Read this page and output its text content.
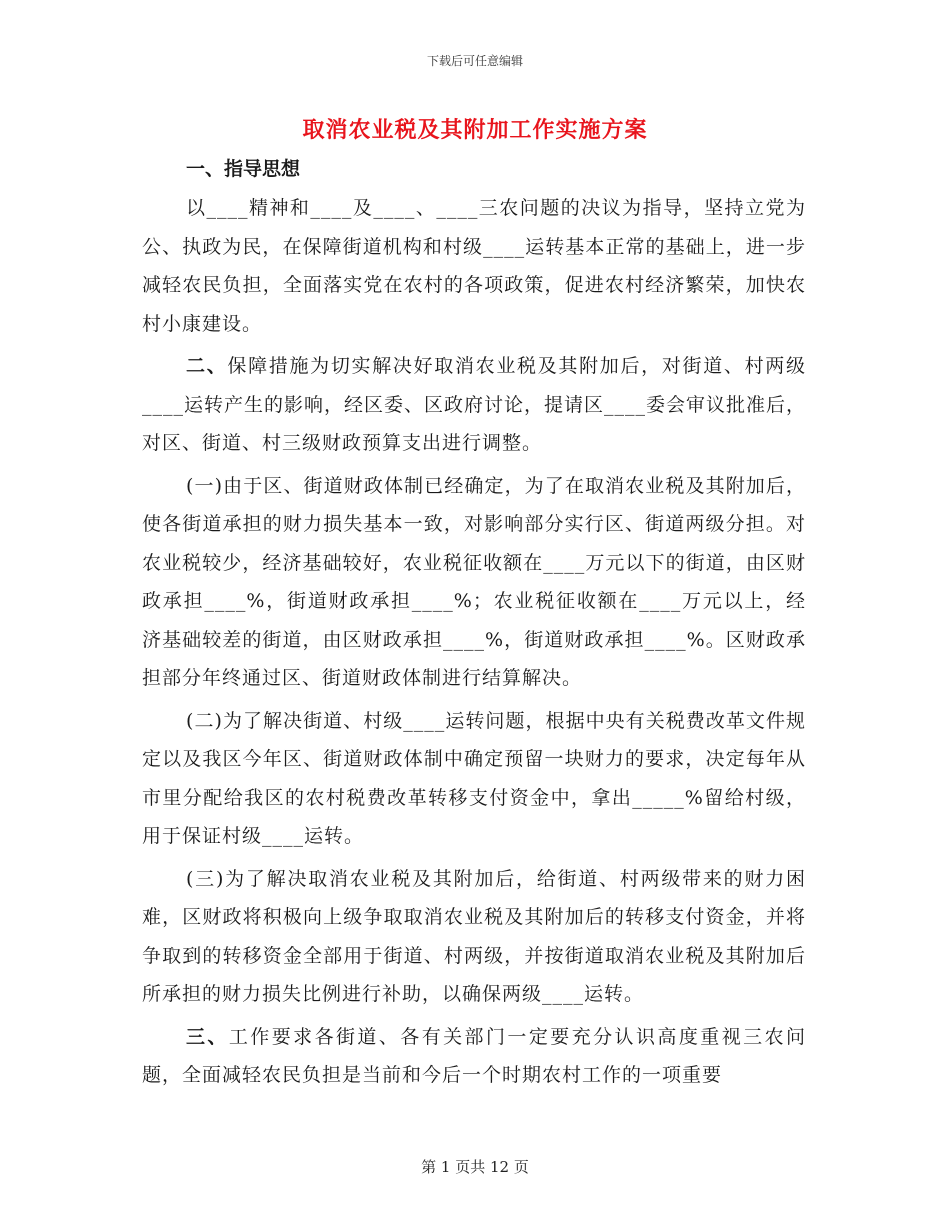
下载后可任意编辑
取消农业税及其附加工作实施方案
一、指导思想
以____精神和____及____、____三农问题的决议为指导，坚持立党为公、执政为民，在保障街道机构和村级____运转基本正常的基础上，进一步减轻农民负担，全面落实党在农村的各项政策，促进农村经济繁荣，加快农村小康建设。
二、保障措施为切实解决好取消农业税及其附加后，对街道、村两级____运转产生的影响，经区委、区政府讨论，提请区____委会审议批准后，对区、街道、村三级财政预算支出进行调整。
(一)由于区、街道财政体制已经确定，为了在取消农业税及其附加后，使各街道承担的财力损失基本一致，对影响部分实行区、街道两级分担。对农业税较少，经济基础较好，农业税征收额在____万元以下的街道，由区财政承担____%，街道财政承担____%；农业税征收额在____万元以上，经济基础较差的街道，由区财政承担____%，街道财政承担____%。区财政承担部分年终通过区、街道财政体制进行结算解决。
(二)为了解决街道、村级____运转问题，根据中央有关税费改革文件规定以及我区今年区、街道财政体制中确定预留一块财力的要求，决定每年从市里分配给我区的农村税费改革转移支付资金中，拿出_____%留给村级，用于保证村级____运转。
(三)为了解决取消农业税及其附加后，给街道、村两级带来的财力困难，区财政将积极向上级争取取消农业税及其附加后的转移支付资金，并将争取到的转移资金全部用于街道、村两级，并按街道取消农业税及其附加后所承担的财力损失比例进行补助，以确保两级____运转。
三、工作要求各街道、各有关部门一定要充分认识高度重视三农问题，全面减轻农民负担是当前和今后一个时期农村工作的一项重要
第 1 页共 12 页
